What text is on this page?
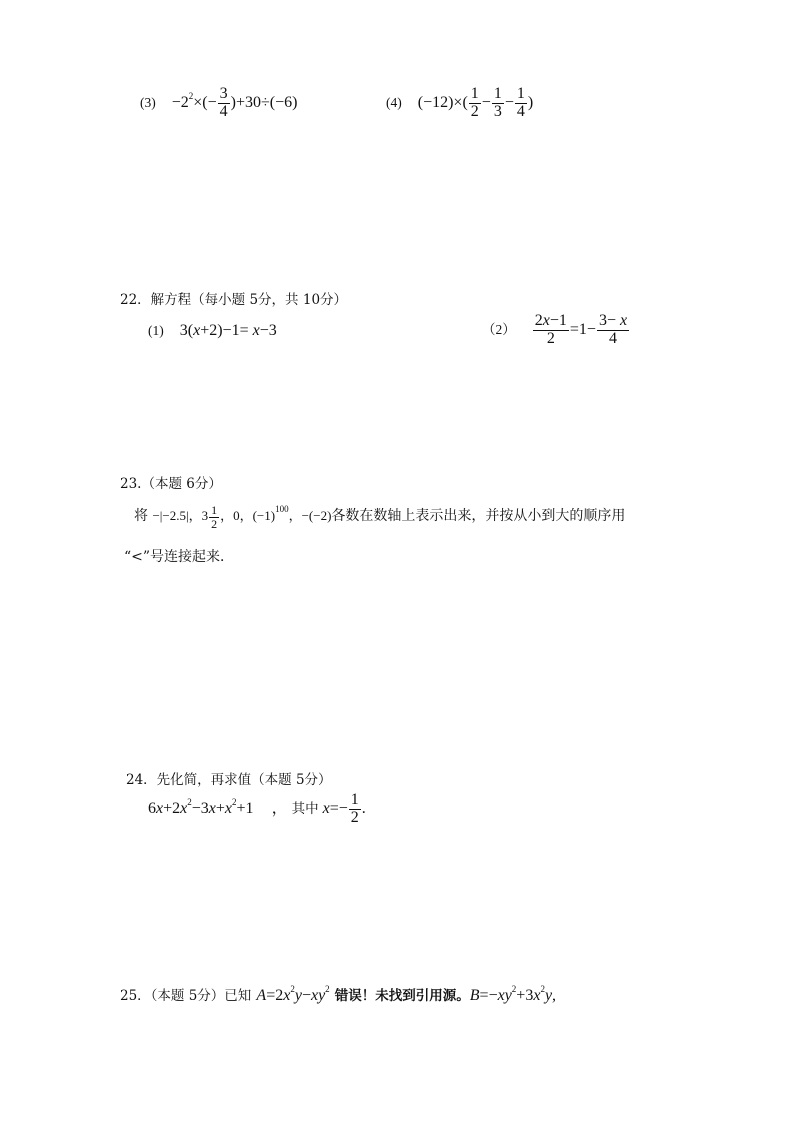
$(3) -2^2\times(- \frac{3}{4} )+30\div(-6)$	(4) $(-12)\times( \frac{1}{2} - \frac{1}{3} - \frac{1}{4}$ )
22．解方程（每小题 5分，共 10分）
(1) 3(x+2)−1= x−3	$(2) \frac{2x-1}{2} =1- \frac{3- x}{4}$
23.（本题 6分）
将 −|−2.5|，$3 \frac{1}{2}$ ，0，$(-1)^{100}$，−(−2)各数在数轴上表示出来，并按从小到大的顺序用
“<”号连接起来．
24．先化简，再求值（本题 5分）
$6x+2x^2-3x+x^2+1$ ， 其中 $x=- \frac{1}{2}$ .
25．（本题 5分）已知 $A=2x^2y-xy^2$ 错误！未找到引用源。$B=-xy^2+3x^2y$,
